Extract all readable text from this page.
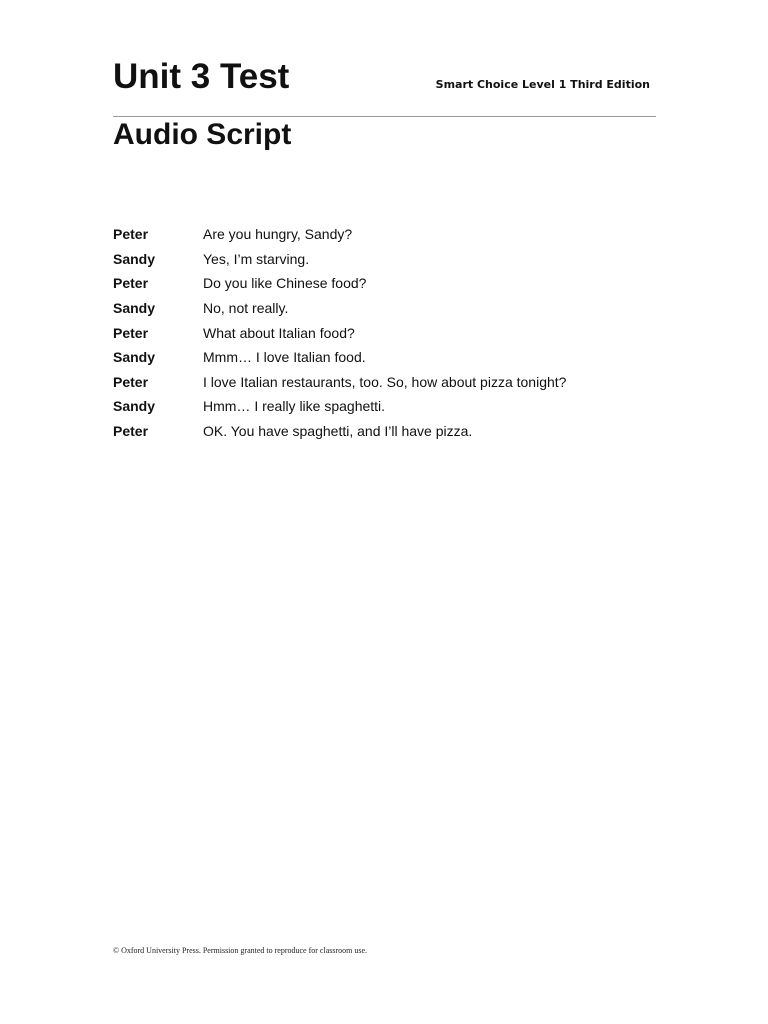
Unit 3 Test	Smart Choice Level 1 Third Edition
Audio Script
Peter	Are you hungry, Sandy?
Sandy	Yes, I’m starving.
Peter	Do you like Chinese food?
Sandy	No, not really.
Peter	What about Italian food?
Sandy	Mmm… I love Italian food.
Peter	I love Italian restaurants, too. So, how about pizza tonight?
Sandy	Hmm… I really like spaghetti.
Peter	OK. You have spaghetti, and I’ll have pizza.
© Oxford University Press. Permission granted to reproduce for classroom use.
